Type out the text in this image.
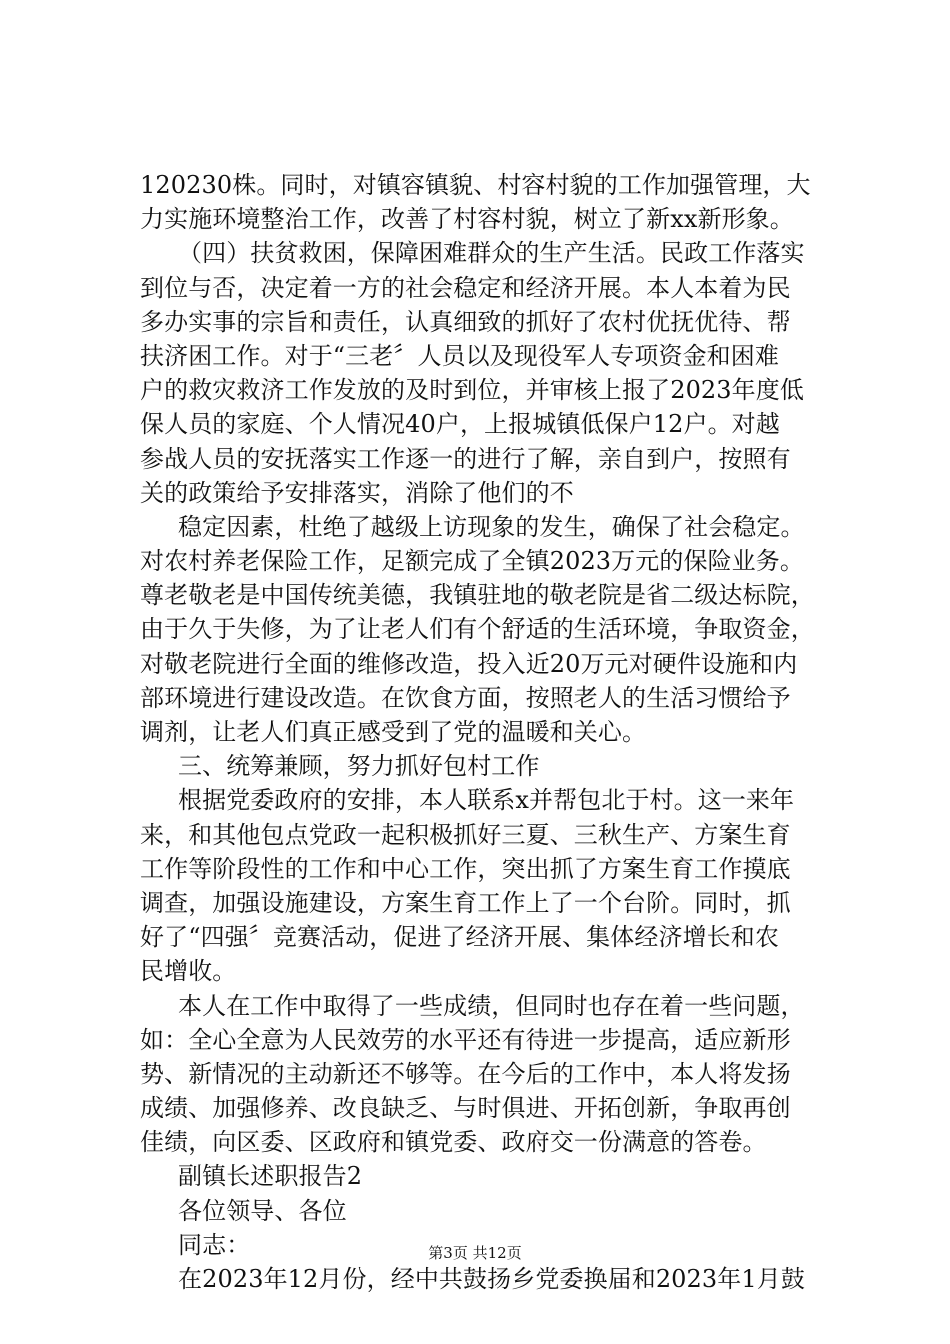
120230株。同时，对镇容镇貌、村容村貌的工作加强管理，大
力实施环境整治工作，改善了村容村貌，树立了新xx新形象。
（四）扶贫救困，保障困难群众的生产生活。民政工作落实
到位与否，决定着一方的社会稳定和经济开展。本人本着为民
多办实事的宗旨和责任，认真细致的抓好了农村优抚优待、帮
扶济困工作。对于“三老〞人员以及现役军人专项资金和困难
户的救灾救济工作发放的及时到位，并审核上报了2023年度低
保人员的家庭、个人情况40户，上报城镇低保户12户。对越
参战人员的安抚落实工作逐一的进行了解，亲自到户，按照有
关的政策给予安排落实，消除了他们的不
稳定因素，杜绝了越级上访现象的发生，确保了社会稳定。
对农村养老保险工作，足额完成了全镇2023万元的保险业务。
尊老敬老是中国传统美德，我镇驻地的敬老院是省二级达标院，
由于久于失修，为了让老人们有个舒适的生活环境，争取资金，
对敬老院进行全面的维修改造，投入近20万元对硬件设施和内
部环境进行建设改造。在饮食方面，按照老人的生活习惯给予
调剂，让老人们真正感受到了党的温暖和关心。
三、统筹兼顾，努力抓好包村工作
根据党委政府的安排，本人联系x并帮包北于村。这一来年
来，和其他包点党政一起积极抓好三夏、三秋生产、方案生育
工作等阶段性的工作和中心工作，突出抓了方案生育工作摸底
调查，加强设施建设，方案生育工作上了一个台阶。同时，抓
好了“四强〞竞赛活动，促进了经济开展、集体经济增长和农
民增收。
本人在工作中取得了一些成绩，但同时也存在着一些问题，
如：全心全意为人民效劳的水平还有待进一步提高，适应新形
势、新情况的主动新还不够等。在今后的工作中，本人将发扬
成绩、加强修养、改良缺乏、与时俱进、开拓创新，争取再创
佳绩，向区委、区政府和镇党委、政府交一份满意的答卷。
副镇长述职报告2
各位领导、各位
同志：
在2023年12月份，经中共鼓扬乡党委换届和2023年1月鼓
第3页 共12页
